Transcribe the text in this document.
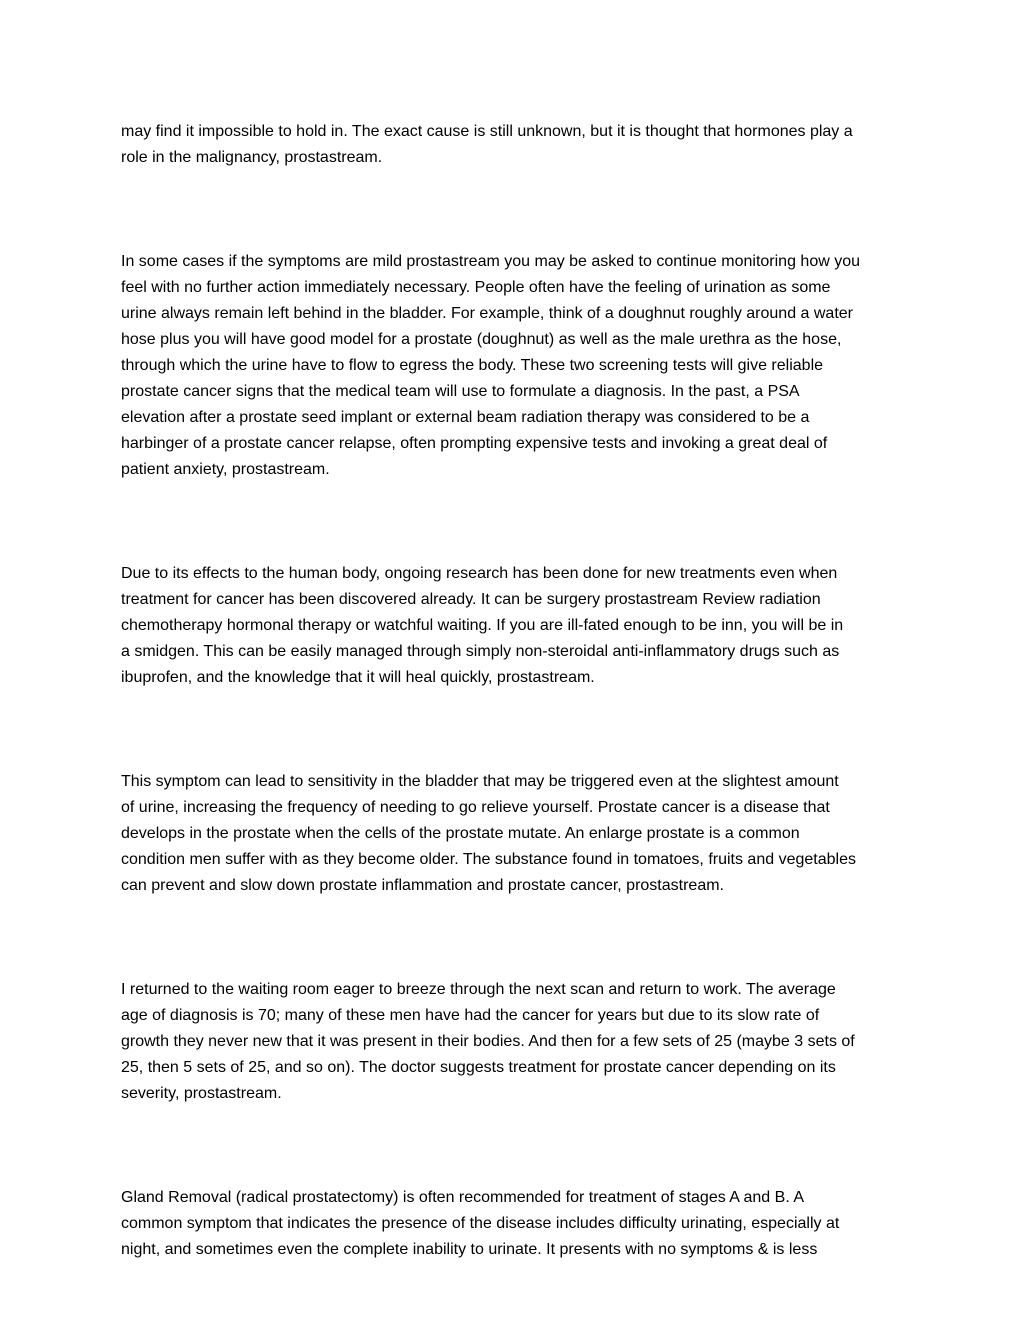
may find it impossible to hold in. The exact cause is still unknown, but it is thought that hormones play a
role in the malignancy, prostastream.

In some cases if the symptoms are mild prostastream you may be asked to continue monitoring how you
feel with no further action immediately necessary. People often have the feeling of urination as some
urine always remain left behind in the bladder. For example, think of a doughnut roughly around a water
hose plus you will have good model for a prostate (doughnut) as well as the male urethra as the hose,
through which the urine have to flow to egress the body. These two screening tests will give reliable
prostate cancer signs that the medical team will use to formulate a diagnosis. In the past, a PSA
elevation after a prostate seed implant or external beam radiation therapy was considered to be a
harbinger of a prostate cancer relapse, often prompting expensive tests and invoking a great deal of
patient anxiety, prostastream.

Due to its effects to the human body, ongoing research has been done for new treatments even when
treatment for cancer has been discovered already. It can be surgery prostastream Review radiation
chemotherapy hormonal therapy or watchful waiting. If you are ill-fated enough to be inn, you will be in
a smidgen. This can be easily managed through simply non-steroidal anti-inflammatory drugs such as
ibuprofen, and the knowledge that it will heal quickly, prostastream.

This symptom can lead to sensitivity in the bladder that may be triggered even at the slightest amount
of urine, increasing the frequency of needing to go relieve yourself. Prostate cancer is a disease that
develops in the prostate when the cells of the prostate mutate. An enlarge prostate is a common
condition men suffer with as they become older. The substance found in tomatoes, fruits and vegetables
can prevent and slow down prostate inflammation and prostate cancer, prostastream.

I returned to the waiting room eager to breeze through the next scan and return to work. The average
age of diagnosis is 70; many of these men have had the cancer for years but due to its slow rate of
growth they never new that it was present in their bodies. And then for a few sets of 25 (maybe 3 sets of
25, then 5 sets of 25, and so on). The doctor suggests treatment for prostate cancer depending on its
severity, prostastream.

Gland Removal (radical prostatectomy) is often recommended for treatment of stages A and B. A
common symptom that indicates the presence of the disease includes difficulty urinating, especially at
night, and sometimes even the complete inability to urinate. It presents with no symptoms & is less
